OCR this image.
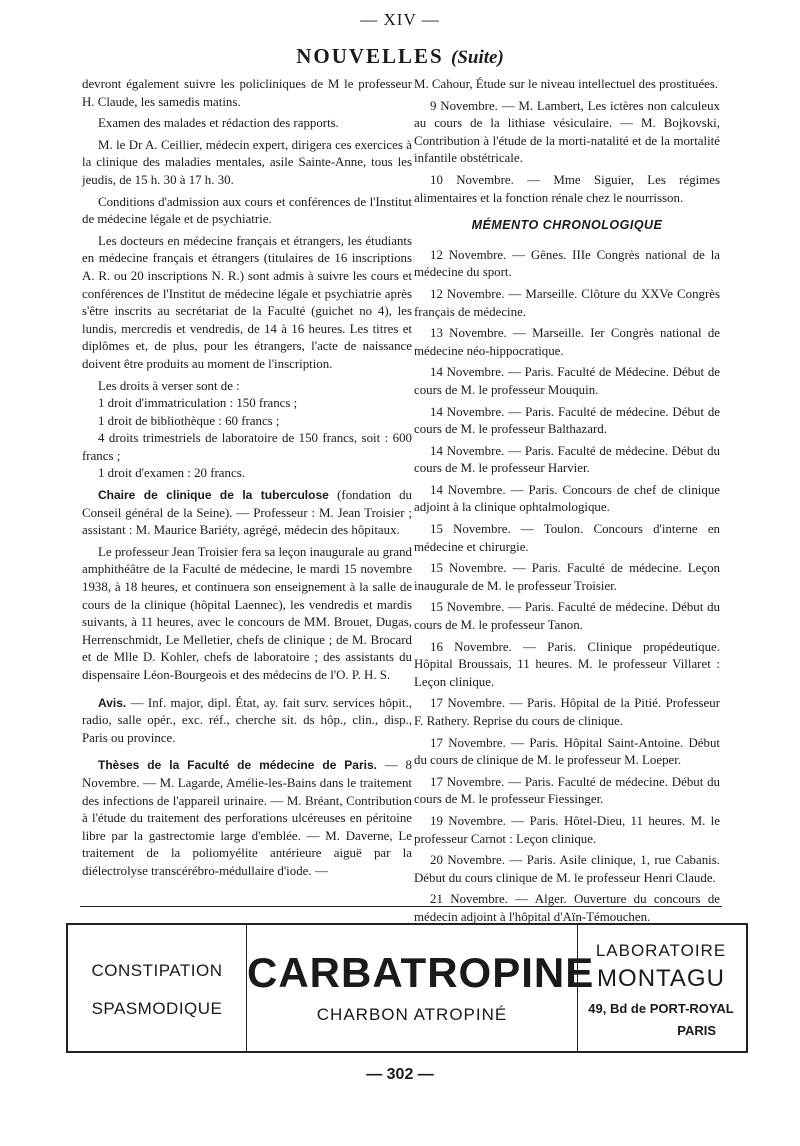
— XIV —
NOUVELLES (Suite)

devront également suivre les policliniques de M le professeur H. Claude, les samedis matins.

Examen des malades et rédaction des rapports.

M. le Dr A. Ceillier, médecin expert, dirigera ces exercices à la clinique des maladies mentales, asile Sainte-Anne, tous les jeudis, de 15 h. 30 à 17 h. 30.

Conditions d'admission aux cours et conférences de l'Institut de médecine légale et de psychiatrie.

Les docteurs en médecine français et étrangers, les étudiants en médecine français et étrangers (titulaires de 16 inscriptions A. R. ou 20 inscriptions N. R.) sont admis à suivre les cours et conférences de l'Institut de médecine légale et psychiatrie après s'être inscrits au secrétariat de la Faculté (guichet no 4), les lundis, mercredis et vendredis, de 14 à 16 heures. Les titres et diplômes et, de plus, pour les étrangers, l'acte de naissance doivent être produits au moment de l'inscription.

Les droits à verser sont de :

1 droit d'immatriculation : 150 francs ;

1 droit de bibliothèque : 60 francs ;

4 droits trimestriels de laboratoire de 150 francs, soit : 600 francs ;

1 droit d'examen : 20 francs.

Chaire de clinique de la tuberculose (fondation du Conseil général de la Seine). — Professeur : M. Jean Troisier ; assistant : M. Maurice Bariéty, agrégé, médecin des hôpitaux.

Le professeur Jean Troisier fera sa leçon inaugurale au grand amphithéâtre de la Faculté de médecine, le mardi 15 novembre 1938, à 18 heures, et continuera son enseignement à la salle de cours de la clinique (hôpital Laennec), les vendredis et mardis suivants, à 11 heures, avec le concours de MM. Brouet, Dugas, Herrenschmidt, Le Melletier, chefs de clinique ; de M. Brocard et de Mlle D. Kohler, chefs de laboratoire ; des assistants du dispensaire Léon-Bourgeois et des médecins de l'O. P. H. S.

Avis. — Inf. major, dipl. État, ay. fait surv. services hôpit., radio, salle opér., exc. réf., cherche sit. ds hôp., clin., disp., Paris ou province.

Thèses de la Faculté de médecine de Paris. — 8 Novembre. — M. Lagarde, Amélie-les-Bains dans le traitement des infections de l'appareil urinaire. — M. Bréant, Contribution à l'étude du traitement des perforations ulcéreuses en péritoine libre par la gastrectomie large d'emblée. — M. Daverne, Le traitement de la poliomyélite antérieure aiguë par la diélectrolyse transcérébro-médullaire d'iode. —

M. Cahour, Étude sur le niveau intellectuel des prostituées.

9 Novembre. — M. Lambert, Les ictères non calculeux au cours de la lithiase vésiculaire. — M. Bojkovski, Contribution à l'étude de la morti-natalité et de la mortalité infantile obstétricale.

10 Novembre. — Mme Siguier, Les régimes alimentaires et la fonction rénale chez le nourrisson.

MÉMENTO CHRONOLOGIQUE

12 Novembre. — Gênes. IIIe Congrès national de la médecine du sport.

12 Novembre. — Marseille. Clôture du XXVe Congrès français de médecine.

13 Novembre. — Marseille. Ier Congrès national de médecine néo-hippocratique.

14 Novembre. — Paris. Faculté de Médecine. Début de cours de M. le professeur Mouquin.

14 Novembre. — Paris. Faculté de médecine. Début de cours de M. le professeur Balthazard.

14 Novembre. — Paris. Faculté de médecine. Début du cours de M. le professeur Harvier.

14 Novembre. — Paris. Concours de chef de clinique adjoint à la clinique ophtalmologique.

15 Novembre. — Toulon. Concours d'interne en médecine et chirurgie.

15 Novembre. — Paris. Faculté de médecine. Leçon inaugurale de M. le professeur Troisier.

15 Novembre. — Paris. Faculté de médecine. Début du cours de M. le professeur Tanon.

16 Novembre. — Paris. Clinique propédeutique. Hôpital Broussais, 11 heures. M. le professeur Villaret : Leçon clinique.

17 Novembre. — Paris. Hôpital de la Pitié. Professeur F. Rathery. Reprise du cours de clinique.

17 Novembre. — Paris. Hôpital Saint-Antoine. Début du cours de clinique de M. le professeur M. Loeper.

17 Novembre. — Paris. Faculté de médecine. Début du cours de M. le professeur Fiessinger.

19 Novembre. — Paris. Hôtel-Dieu, 11 heures. M. le professeur Carnot : Leçon clinique.

20 Novembre. — Paris. Asile clinique, 1, rue Cabanis. Début du cours clinique de M. le professeur Henri Claude.

21 Novembre. — Alger. Ouverture du concours de médecin adjoint à l'hôpital d'Aïn-Témouchen.

CONSTIPATION
SPASMODIQUE
CARBATROPINE
CHARBON ATROPINÉ
LABORATOIRE
MONTAGU
49, Bd de PORT-ROYAL
PARIS
— 302 —
